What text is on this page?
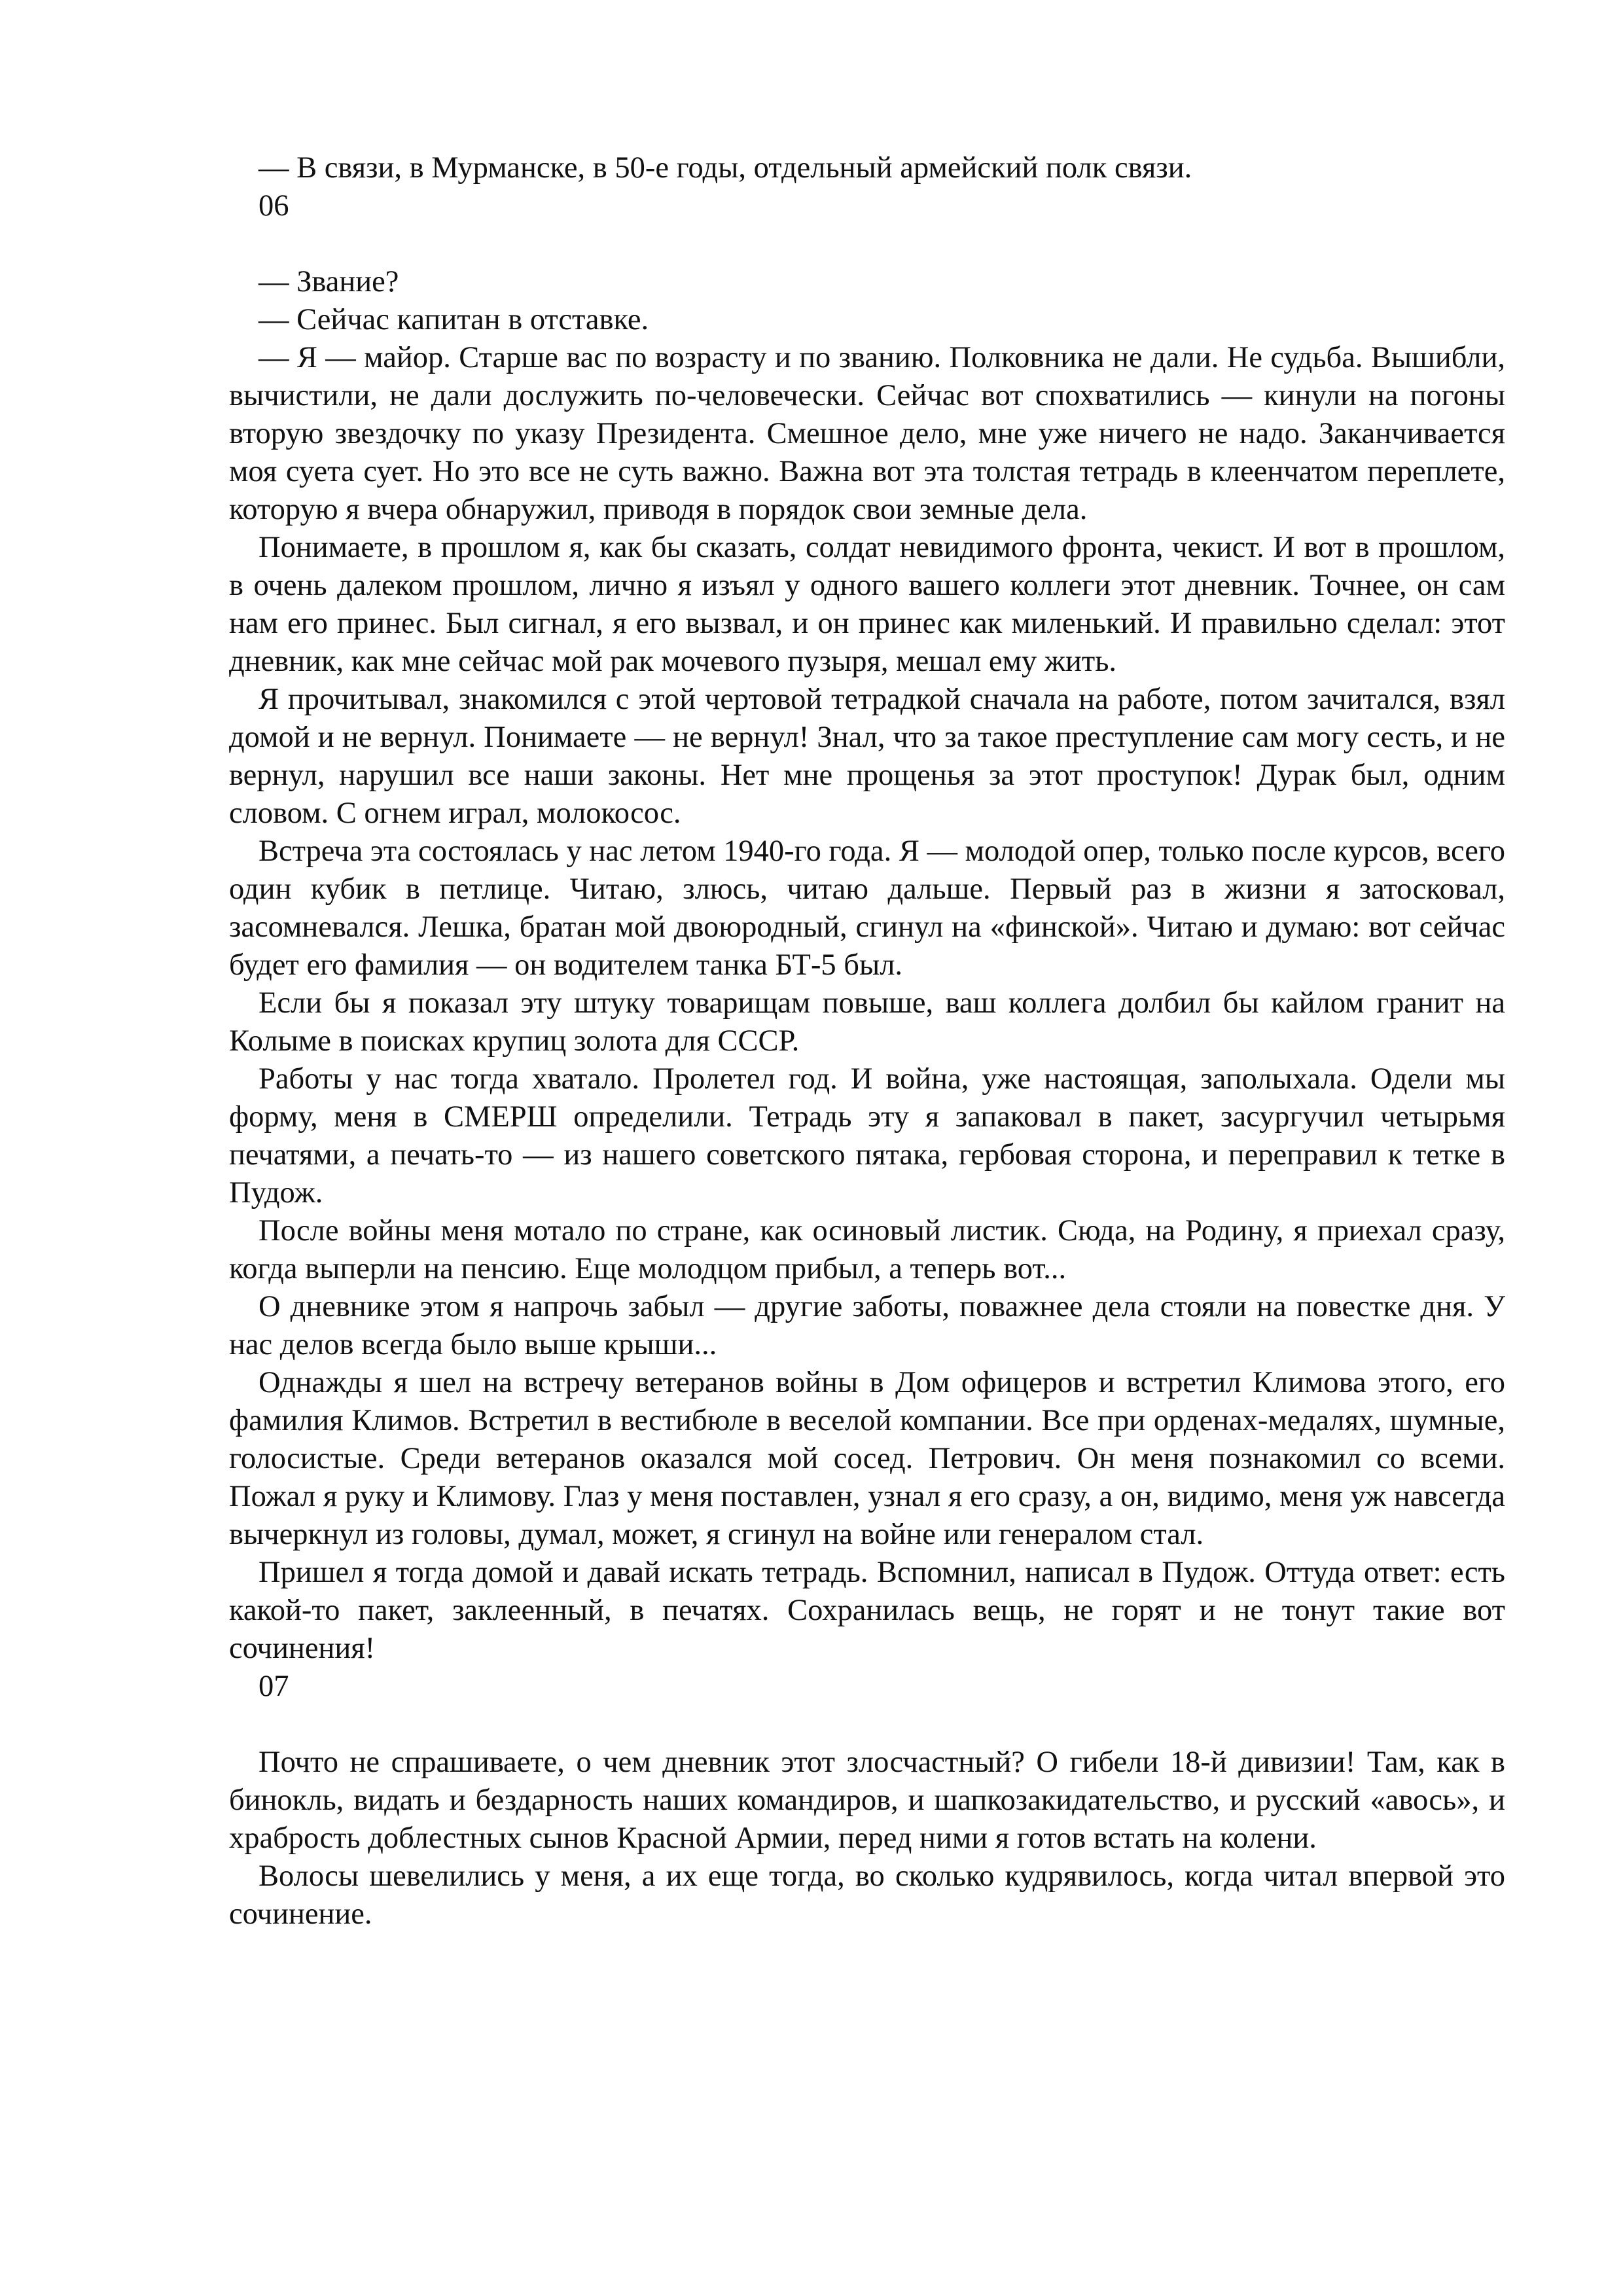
— В связи, в Мурманске, в 50-е годы, отдельный армейский полк связи.

06

— Звание?

— Сейчас капитан в отставке.

— Я — майор. Старше вас по возрасту и по званию. Полковника не дали. Не судьба. Вышибли, вычистили, не дали дослужить по-человечески. Сейчас вот спохватились — кинули на погоны вторую звездочку по указу Президента. Смешное дело, мне уже ничего не надо. Заканчивается моя суета сует. Но это все не суть важно. Важна вот эта толстая тетрадь в клеенчатом переплете, которую я вчера обнаружил, приводя в порядок свои земные дела.

Понимаете, в прошлом я, как бы сказать, солдат невидимого фронта, чекист. И вот в прошлом, в очень далеком прошлом, лично я изъял у одного вашего коллеги этот дневник. Точнее, он сам нам его принес. Был сигнал, я его вызвал, и он принес как миленький. И правильно сделал: этот дневник, как мне сейчас мой рак мочевого пузыря, мешал ему жить.

Я прочитывал, знакомился с этой чертовой тетрадкой сначала на работе, потом зачитался, взял домой и не вернул. Понимаете — не вернул! Знал, что за такое преступление сам могу сесть, и не вернул, нарушил все наши законы. Нет мне прощенья за этот проступок! Дурак был, одним словом. С огнем играл, молокосос.

Встреча эта состоялась у нас летом 1940-го года. Я — молодой опер, только после курсов, всего один кубик в петлице. Читаю, злюсь, читаю дальше. Первый раз в жизни я затосковал, засомневался. Лешка, братан мой двоюродный, сгинул на «финской». Читаю и думаю: вот сейчас будет его фамилия — он водителем танка БТ-5 был.

Если бы я показал эту штуку товарищам повыше, ваш коллега долбил бы кайлом гранит на Колыме в поисках крупиц золота для СССР.

Работы у нас тогда хватало. Пролетел год. И война, уже настоящая, заполыхала. Одели мы форму, меня в СМЕРШ определили. Тетрадь эту я запаковал в пакет, засургучил четырьмя печатями, а печать-то — из нашего советского пятака, гербовая сторона, и переправил к тетке в Пудож.

После войны меня мотало по стране, как осиновый листик. Сюда, на Родину, я приехал сразу, когда выперли на пенсию. Еще молодцом прибыл, а теперь вот...

О дневнике этом я напрочь забыл — другие заботы, поважнее дела стояли на повестке дня. У нас делов всегда было выше крыши...

Однажды я шел на встречу ветеранов войны в Дом офицеров и встретил Климова этого, его фамилия Климов. Встретил в вестибюле в веселой компании. Все при орденах-медалях, шумные, голосистые. Среди ветеранов оказался мой сосед. Петрович. Он меня познакомил со всеми. Пожал я руку и Климову. Глаз у меня поставлен, узнал я его сразу, а он, видимо, меня уж навсегда вычеркнул из головы, думал, может, я сгинул на войне или генералом стал.

Пришел я тогда домой и давай искать тетрадь. Вспомнил, написал в Пудож. Оттуда ответ: есть какой-то пакет, заклеенный, в печатях. Сохранилась вещь, не горят и не тонут такие вот сочинения!

07

Почто не спрашиваете, о чем дневник этот злосчастный? О гибели 18-й дивизии! Там, как в бинокль, видать и бездарность наших командиров, и шапкозакидательство, и русский «авось», и храбрость доблестных сынов Красной Армии, перед ними я готов встать на колени.

Волосы шевелились у меня, а их еще тогда, во сколько кудрявилось, когда читал впервой это сочинение.
